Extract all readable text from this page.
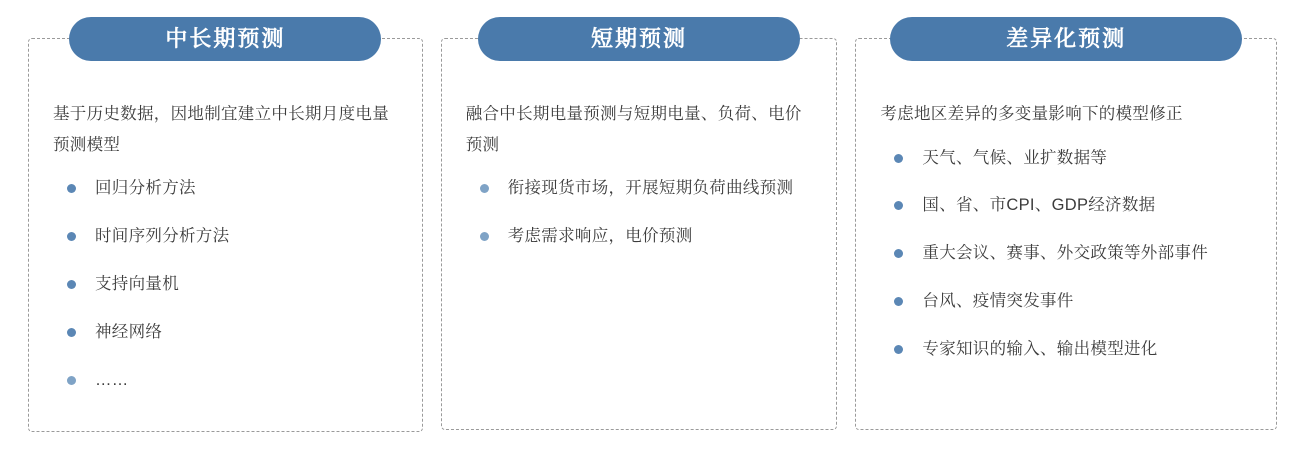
中长期预测
基于历史数据，因地制宜建立中长期月度电量预测模型
回归分析方法
时间序列分析方法
支持向量机
神经网络
……
短期预测
融合中长期电量预测与短期电量、负荷、电价预测
衔接现货市场，开展短期负荷曲线预测
考虑需求响应，电价预测
差异化预测
考虑地区差异的多变量影响下的模型修正
天气、气候、业扩数据等
国、省、市CPI、GDP经济数据
重大会议、赛事、外交政策等外部事件
台风、疫情突发事件
专家知识的输入、输出模型进化
